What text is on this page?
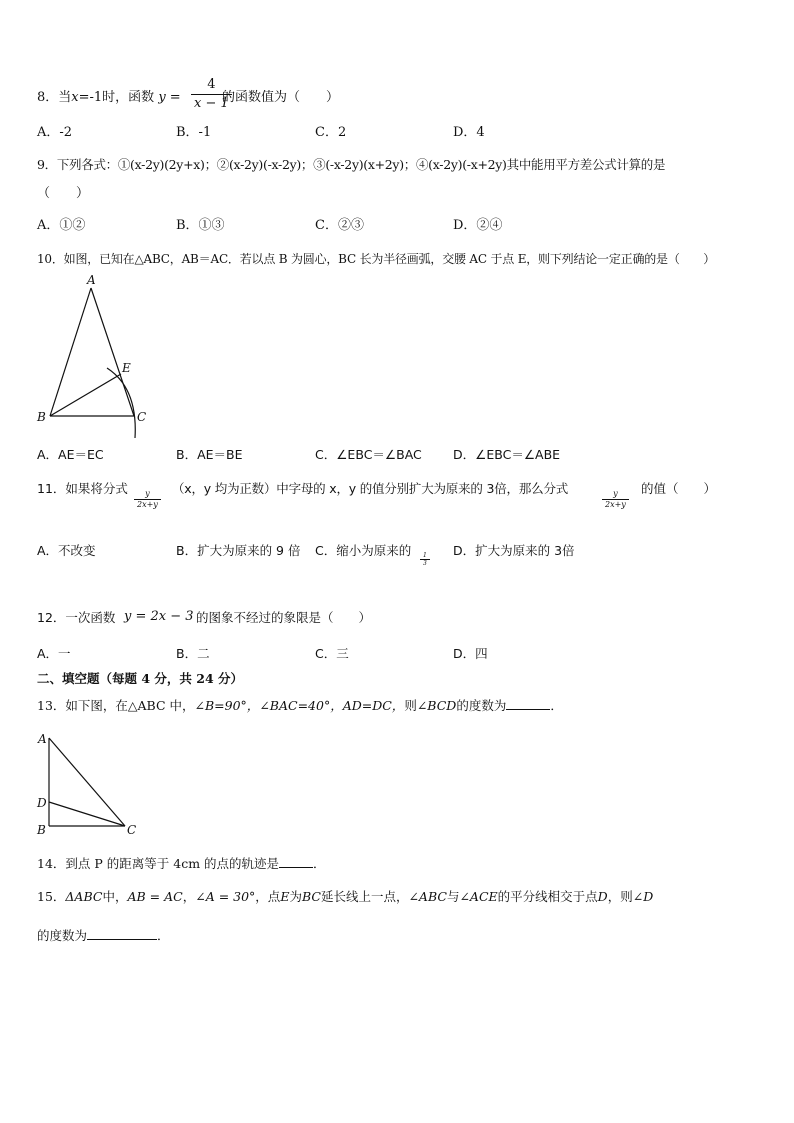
8．当x=-1时，函数 $y = \frac{4}{x - 1}$
的函数值为（　　）
A．-2	B．-1	C．2	D．4
9．下列各式：①(x-2y)(2y+x)；②(x-2y)(-x-2y)；③(-x-2y)(x+2y)；④(x-2y)(-x+2y)其中能用平方差公式计算的是
（　　）
A．①②	B．①③	C．②③	D．②④
10．如图，已知在△ABC，AB＝AC．若以点 B 为圆心，BC 长为半径画弧，交腰 AC 于点 E，则下列结论一定正确的是（　　）
A
B	C
E
A．AE＝EC	B．AE＝BE	C．∠EBC＝∠BAC D．∠EBC＝∠ABE
11．如果将分式
$\frac{y}{2x+y}$
（x，y 均为正数）中字母的 x，y 的值分别扩大为原来的 3倍，那么分式
$\frac{y}{2x+y}$
的值（　　）
A．不改变	B．扩大为原来的 9 倍 C．缩小为原来的
$\frac{1}{3}$
D．扩大为原来的 3倍
12．一次函数 y = 2x − 3 的图象不经过的象限是（　　）
A．一	B．二	C．三	D．四
二、填空题（每题 4 分，共 24 分）
13．如下图，在△ABC 中，∠B=90°，∠BAC=40°，AD=DC，则∠BCD的度数为	．
A
D
B	C
14．到点 P 的距离等于 4cm 的点的轨迹是	．
15．ΔABC中，AB = AC，∠A = 30°，点E为BC延长线上一点，∠ABC与∠ACE的平分线相交于点D，则∠D
的度数为	．
